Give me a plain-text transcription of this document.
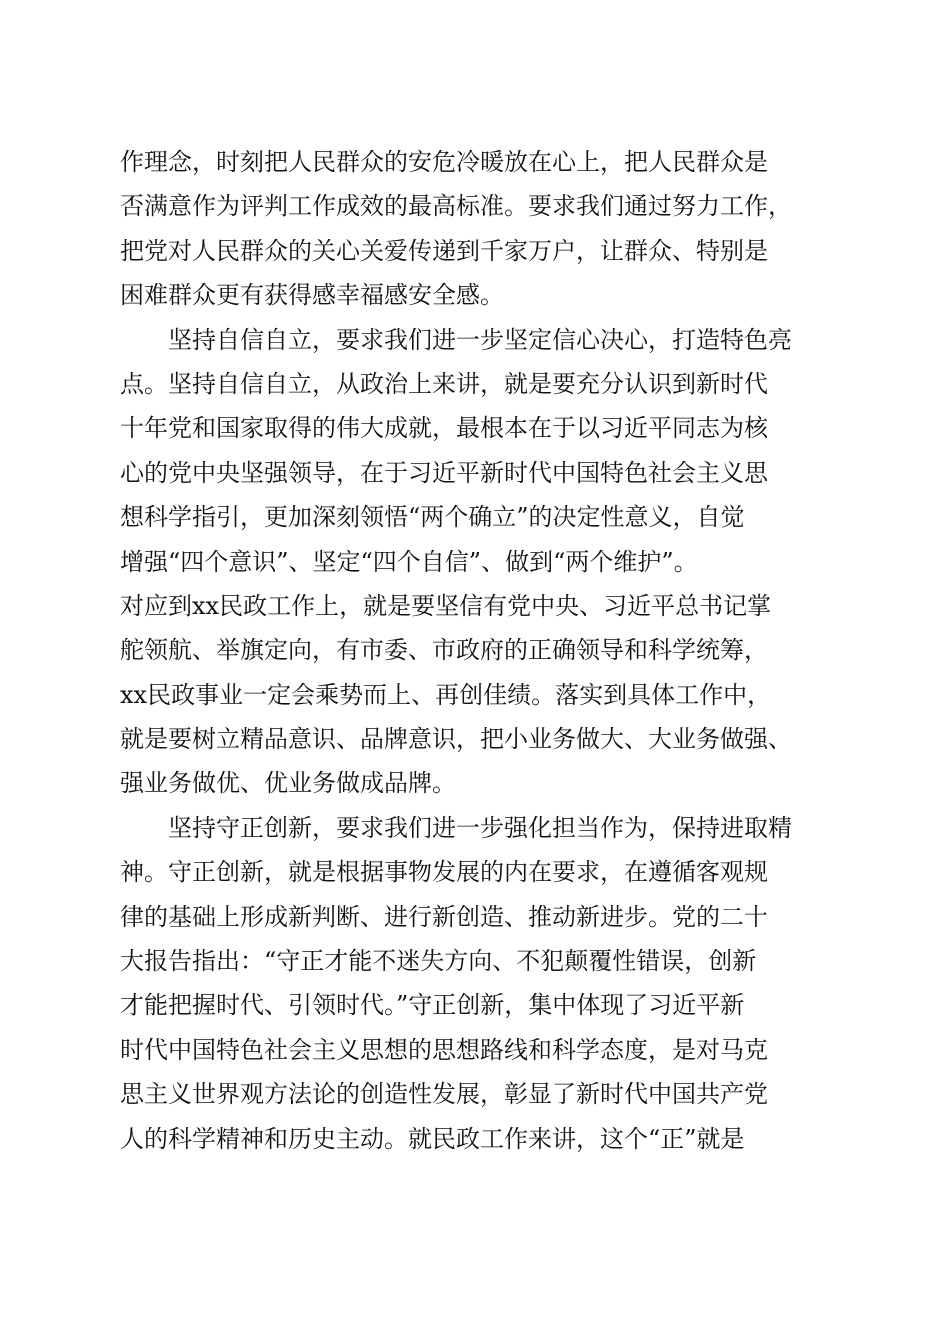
作理念，时刻把人民群众的安危冷暖放在心上，把人民群众是
否满意作为评判工作成效的最高标准。要求我们通过努力工作，
把党对人民群众的关心关爱传递到千家万户，让群众、特别是
困难群众更有获得感幸福感安全感。
坚持自信自立，要求我们进一步坚定信心决心，打造特色亮
点。坚持自信自立，从政治上来讲，就是要充分认识到新时代
十年党和国家取得的伟大成就，最根本在于以习近平同志为核
心的党中央坚强领导，在于习近平新时代中国特色社会主义思
想科学指引，更加深刻领悟“两个确立”的决定性意义，自觉
增强“四个意识”、坚定“四个自信”、做到“两个维护”。
对应到xx民政工作上，就是要坚信有党中央、习近平总书记掌
舵领航、举旗定向，有市委、市政府的正确领导和科学统筹，
xx民政事业一定会乘势而上、再创佳绩。落实到具体工作中，
就是要树立精品意识、品牌意识，把小业务做大、大业务做强、
强业务做优、优业务做成品牌。
坚持守正创新，要求我们进一步强化担当作为，保持进取精
神。守正创新，就是根据事物发展的内在要求，在遵循客观规
律的基础上形成新判断、进行新创造、推动新进步。党的二十
大报告指出：“守正才能不迷失方向、不犯颠覆性错误，创新
才能把握时代、引领时代。”守正创新，集中体现了习近平新
时代中国特色社会主义思想的思想路线和科学态度，是对马克
思主义世界观方法论的创造性发展，彰显了新时代中国共产党
人的科学精神和历史主动。就民政工作来讲，这个“正”就是
